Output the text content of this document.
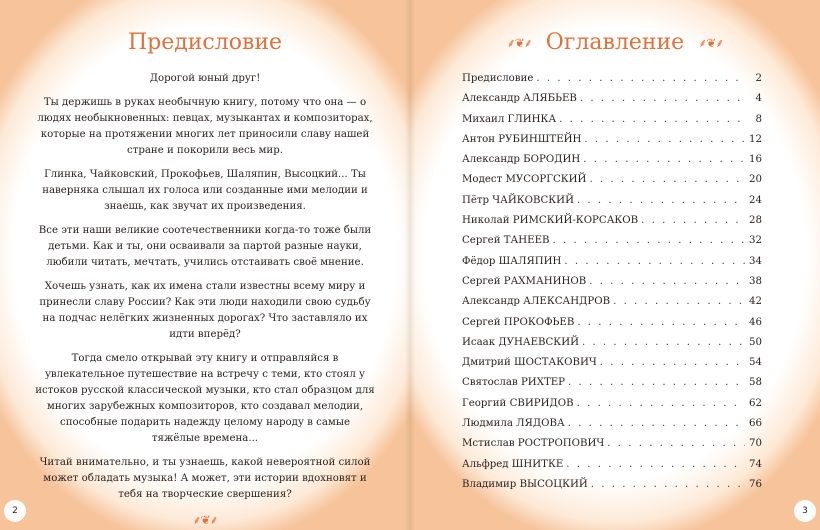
Предисловие

Дорогой юный друг!

Ты держишь в руках необычную книгу, потому что она — о людях необыкновенных: певцах, музыкантах и композиторах, которые на протяжении многих лет приносили славу нашей стране и покорили весь мир.

Глинка, Чайковский, Прокофьев, Шаляпин, Высоцкий... Ты наверняка слышал их голоса или созданные ими мелодии и знаешь, как звучат их произведения.

Все эти наши великие соотечественники когда-то тоже были детьми. Как и ты, они осваивали за партой разные науки, любили читать, мечтать, учились отстаивать своё мнение.

Хочешь узнать, как их имена стали известны всему миру и принесли славу России? Как эти люди находили свою судьбу на подчас нелёгких жизненных дорогах? Что заставляло их идти вперёд?

Тогда смело открывай эту книгу и отправляйся в увлекательное путешествие на встречу с теми, кто стоял у истоков русской классической музыки, кто стал образцом для многих зарубежных композиторов, кто создавал мелодии, способные подарить надежду целому народу в самые тяжёлые времена...

Читай внимательно, и ты узнаешь, какой невероятной силой может обладать музыка! А может, эти истории вдохновят и тебя на творческие свершения?

⸙❦⸙
⸙❦⸙ Оглавление ⸙❦⸙
Предисловие . . .	2
Александр АЛЯБЬЕВ . . .	4
Михаил ГЛИНКА . . .	8
Антон РУБИНШТЕЙН . . .	12
Александр БОРОДИН . . .	16
Модест МУСОРГСКИЙ . . .	20
Пётр ЧАЙКОВСКИЙ . . .	24
Николай РИМСКИЙ-КОРСАКОВ . . .	28
Сергей ТАНЕЕВ . . .	32
Фёдор ШАЛЯПИН . . .	34
Сергей РАХМАНИНОВ . . .	38
Александр АЛЕКСАНДРОВ . . .	42
Сергей ПРОКОФЬЕВ . . .	46
Исаак ДУНАЕВСКИЙ . . .	50
Дмитрий ШОСТАКОВИЧ . . .	54
Святослав РИХТЕР . . .	58
Георгий СВИРИДОВ . . .	62
Людмила ЛЯДОВА . . .	66
Мстислав РОСТРОПОВИЧ . . .	70
Альфред ШНИТКЕ . . .	74
Владимир ВЫСОЦКИЙ . . .	76
2	3
